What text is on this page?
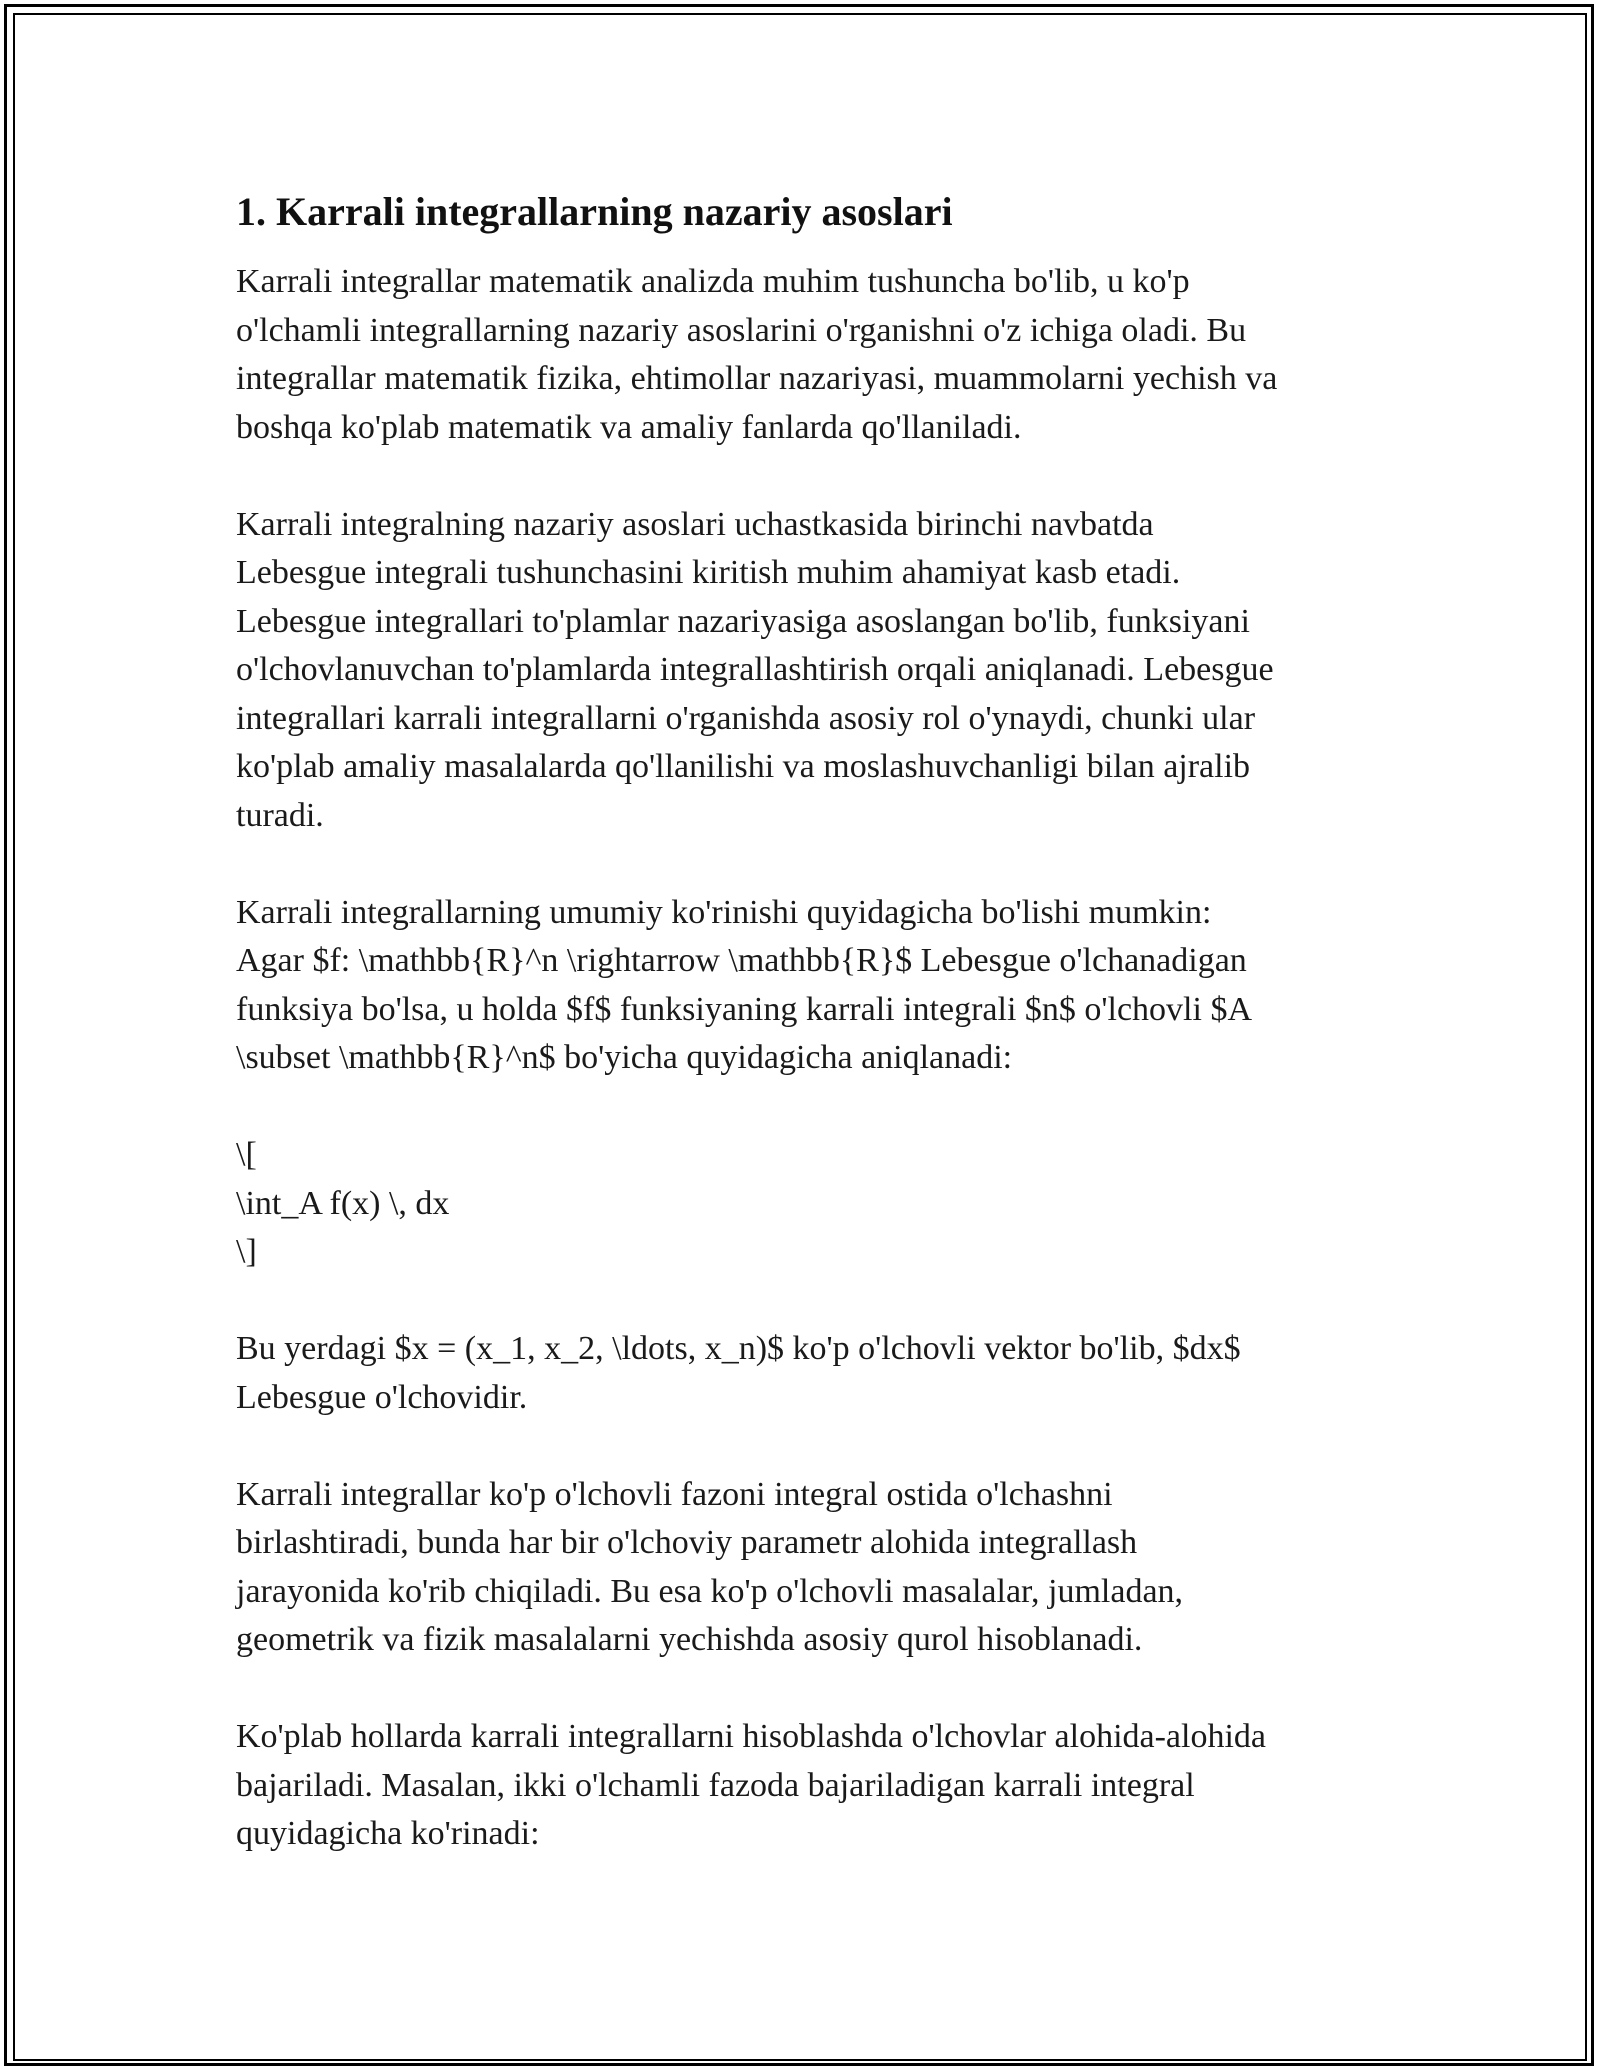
1. Karrali integrallarning nazariy asoslari

Karrali integrallar matematik analizda muhim tushuncha bo'lib, u ko'p
o'lchamli integrallarning nazariy asoslarini o'rganishni o'z ichiga oladi. Bu
integrallar matematik fizika, ehtimollar nazariyasi, muammolarni yechish va
boshqa ko'plab matematik va amaliy fanlarda qo'llaniladi.

Karrali integralning nazariy asoslari uchastkasida birinchi navbatda
Lebesgue integrali tushunchasini kiritish muhim ahamiyat kasb etadi.
Lebesgue integrallari to'plamlar nazariyasiga asoslangan bo'lib, funksiyani
o'lchovlanuvchan to'plamlarda integrallashtirish orqali aniqlanadi. Lebesgue
integrallari karrali integrallarni o'rganishda asosiy rol o'ynaydi, chunki ular
ko'plab amaliy masalalarda qo'llanilishi va moslashuvchanligi bilan ajralib
turadi.

Karrali integrallarning umumiy ko'rinishi quyidagicha bo'lishi mumkin:
Agar $f: \mathbb{R}^n \rightarrow \mathbb{R}$ Lebesgue o'lchanadigan
funksiya bo'lsa, u holda $f$ funksiyaning karrali integrali $n$ o'lchovli $A
\subset \mathbb{R}^n$ bo'yicha quyidagicha aniqlanadi:

\[
\int_A f(x) \, dx
\]

Bu yerdagi $x = (x_1, x_2, \ldots, x_n)$ ko'p o'lchovli vektor bo'lib, $dx$
Lebesgue o'lchovidir.

Karrali integrallar ko'p o'lchovli fazoni integral ostida o'lchashni
birlashtiradi, bunda har bir o'lchoviy parametr alohida integrallash
jarayonida ko'rib chiqiladi. Bu esa ko'p o'lchovli masalalar, jumladan,
geometrik va fizik masalalarni yechishda asosiy qurol hisoblanadi.

Ko'plab hollarda karrali integrallarni hisoblashda o'lchovlar alohida-alohida
bajariladi. Masalan, ikki o'lchamli fazoda bajariladigan karrali integral
quyidagicha ko'rinadi:
